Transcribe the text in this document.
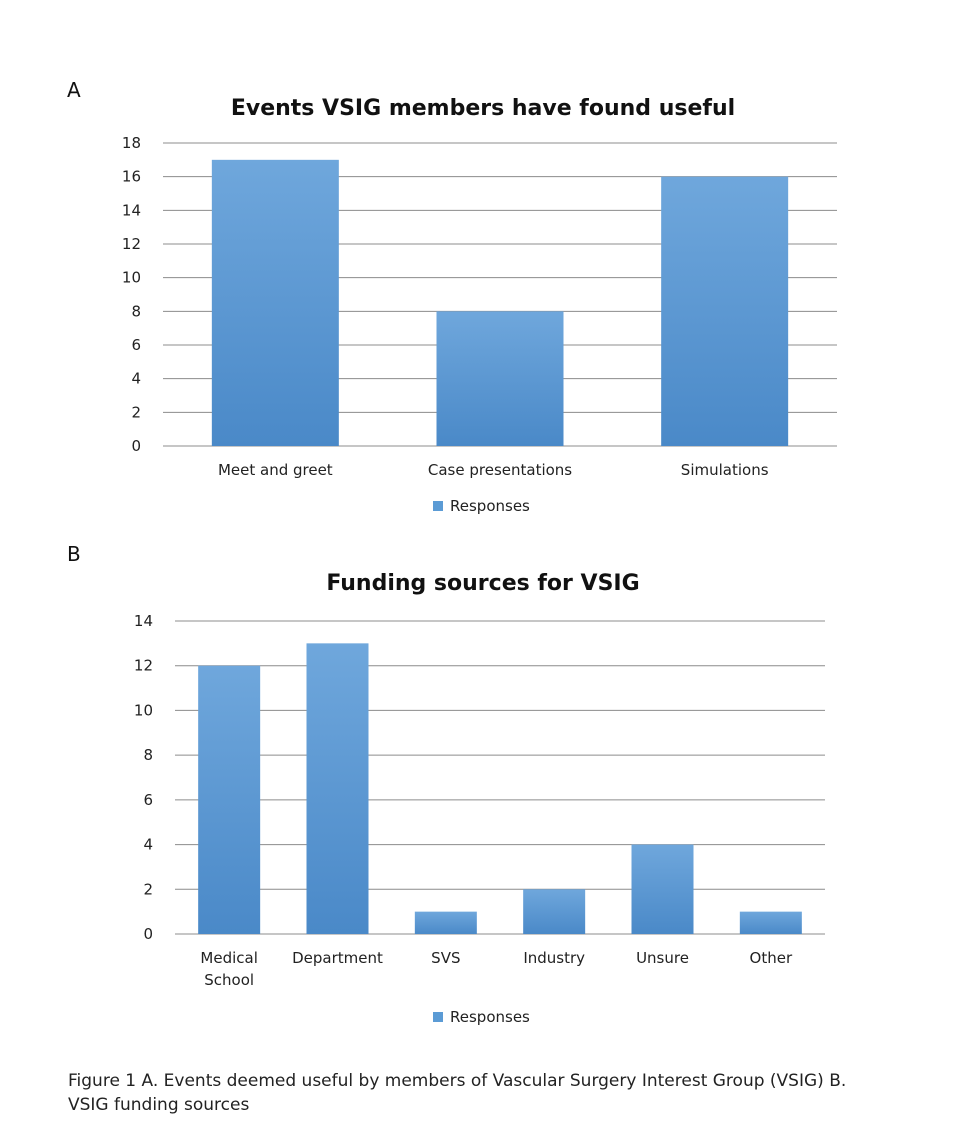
A
Events VSIG members have found useful
0
2
4
6
8
10
12
14
16
18
Meet and greet	Case presentations	Simulations
Responses
B
Funding sources for VSIG
0
2
4
6
8
10
12
14
Medical
School
Department	SVS	Industry	Unsure	Other
Responses
Figure 1 A. Events deemed useful by members of Vascular Surgery Interest Group (VSIG) B. VSIG funding sources
